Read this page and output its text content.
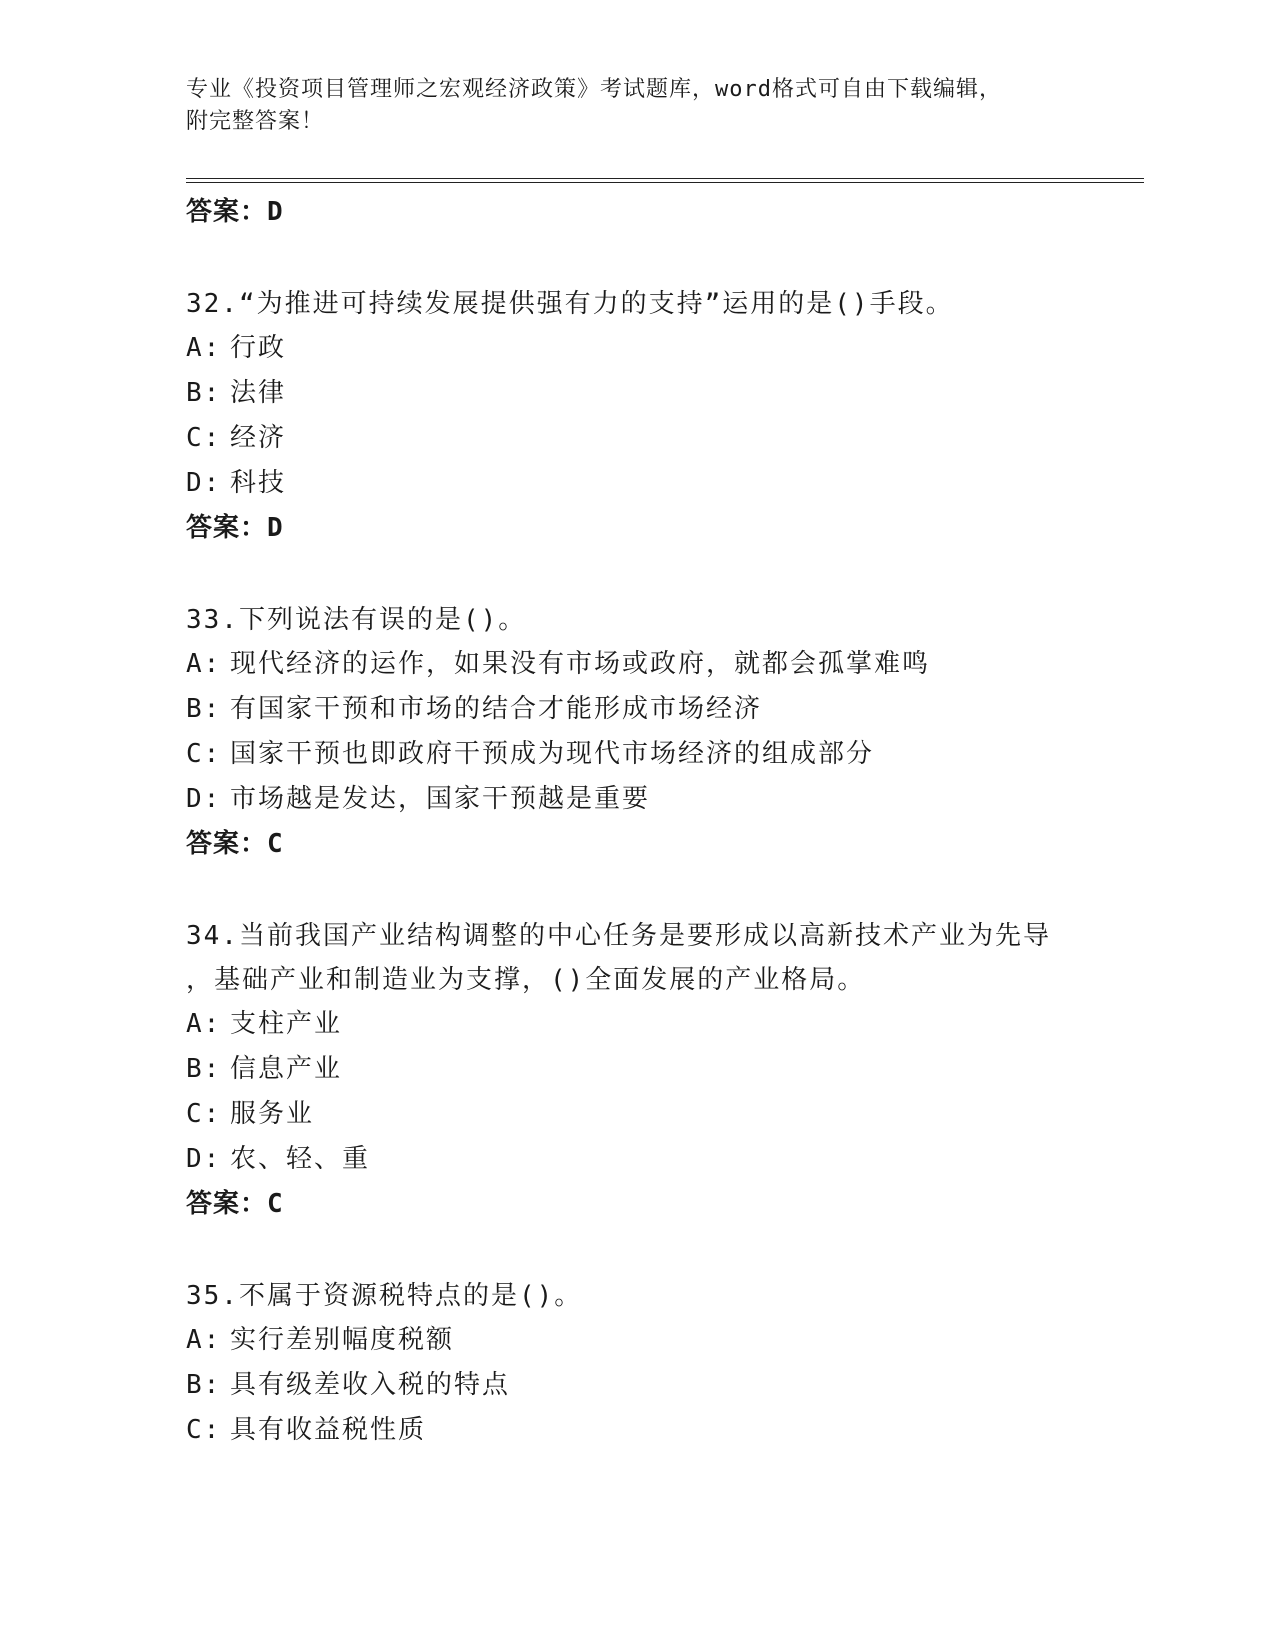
专业《投资项目管理师之宏观经济政策》考试题库，word格式可自由下载编辑，
附完整答案！
答案：D
32.“为推进可持续发展提供强有力的支持”运用的是()手段。
A: 行政
B: 法律
C: 经济
D: 科技
答案：D
33.下列说法有误的是()。
A: 现代经济的运作，如果没有市场或政府，就都会孤掌难鸣
B: 有国家干预和市场的结合才能形成市场经济
C: 国家干预也即政府干预成为现代市场经济的组成部分
D: 市场越是发达，国家干预越是重要
答案：C
34.当前我国产业结构调整的中心任务是要形成以高新技术产业为先导
，基础产业和制造业为支撑，()全面发展的产业格局。
A: 支柱产业
B: 信息产业
C: 服务业
D: 农、轻、重
答案：C
35.不属于资源税特点的是()。
A: 实行差别幅度税额
B: 具有级差收入税的特点
C: 具有收益税性质
